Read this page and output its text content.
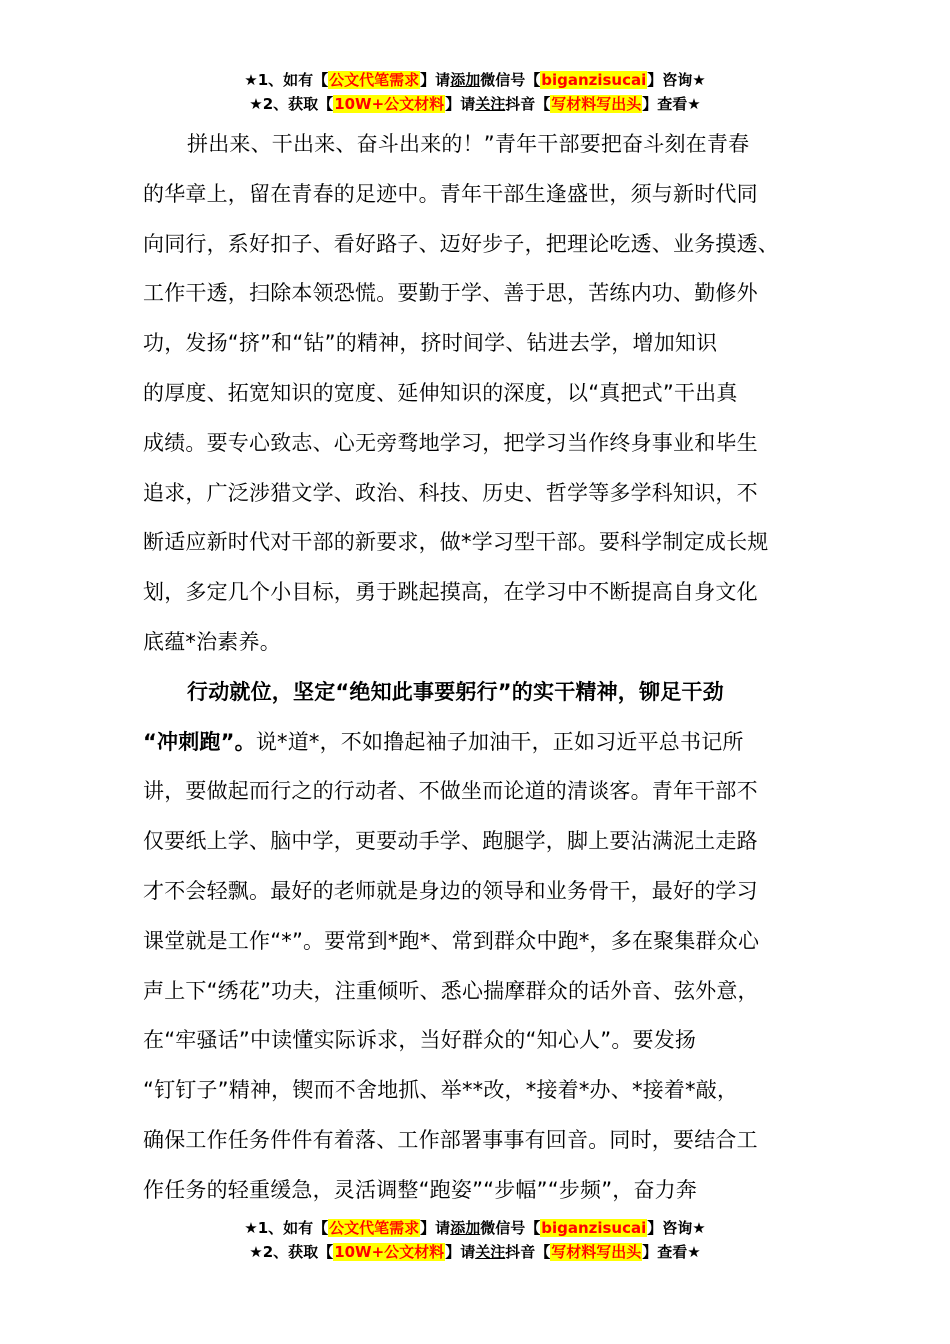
★1、如有【公文代笔需求】请添加微信号【biganzisucai】咨询★
★2、获取【10W+公文材料】请关注抖音【写材料写出头】查看★
拼出来、干出来、奋斗出来的！”青年干部要把奋斗刻在青春
的华章上，留在青春的足迹中。青年干部生逢盛世，须与新时代同
向同行，系好扣子、看好路子、迈好步子，把理论吃透、业务摸透、
工作干透，扫除本领恐慌。要勤于学、善于思，苦练内功、勤修外
功，发扬“挤”和“钻”的精神，挤时间学、钻进去学，增加知识
的厚度、拓宽知识的宽度、延伸知识的深度，以“真把式”干出真
成绩。要专心致志、心无旁骛地学习，把学习当作终身事业和毕生
追求，广泛涉猎文学、政治、科技、历史、哲学等多学科知识，不
断适应新时代对干部的新要求，做*学习型干部。要科学制定成长规
划，多定几个小目标，勇于跳起摸高，在学习中不断提高自身文化
底蕴*治素养。
行动就位，坚定“绝知此事要躬行”的实干精神，铆足干劲
“冲刺跑”。说*道*，不如撸起袖子加油干，正如习近平总书记所
讲，要做起而行之的行动者、不做坐而论道的清谈客。青年干部不
仅要纸上学、脑中学，更要动手学、跑腿学，脚上要沾满泥土走路
才不会轻飘。最好的老师就是身边的领导和业务骨干，最好的学习
课堂就是工作“*”。要常到*跑*、常到群众中跑*，多在聚集群众心
声上下“绣花”功夫，注重倾听、悉心揣摩群众的话外音、弦外意，
在“牢骚话”中读懂实际诉求，当好群众的“知心人”。要发扬
“钉钉子”精神，锲而不舍地抓、举**改，*接着*办、*接着*敲，
确保工作任务件件有着落、工作部署事事有回音。同时，要结合工
作任务的轻重缓急，灵活调整“跑姿”“步幅”“步频”，奋力奔
★1、如有【公文代笔需求】请添加微信号【biganzisucai】咨询★
★2、获取【10W+公文材料】请关注抖音【写材料写出头】查看★
